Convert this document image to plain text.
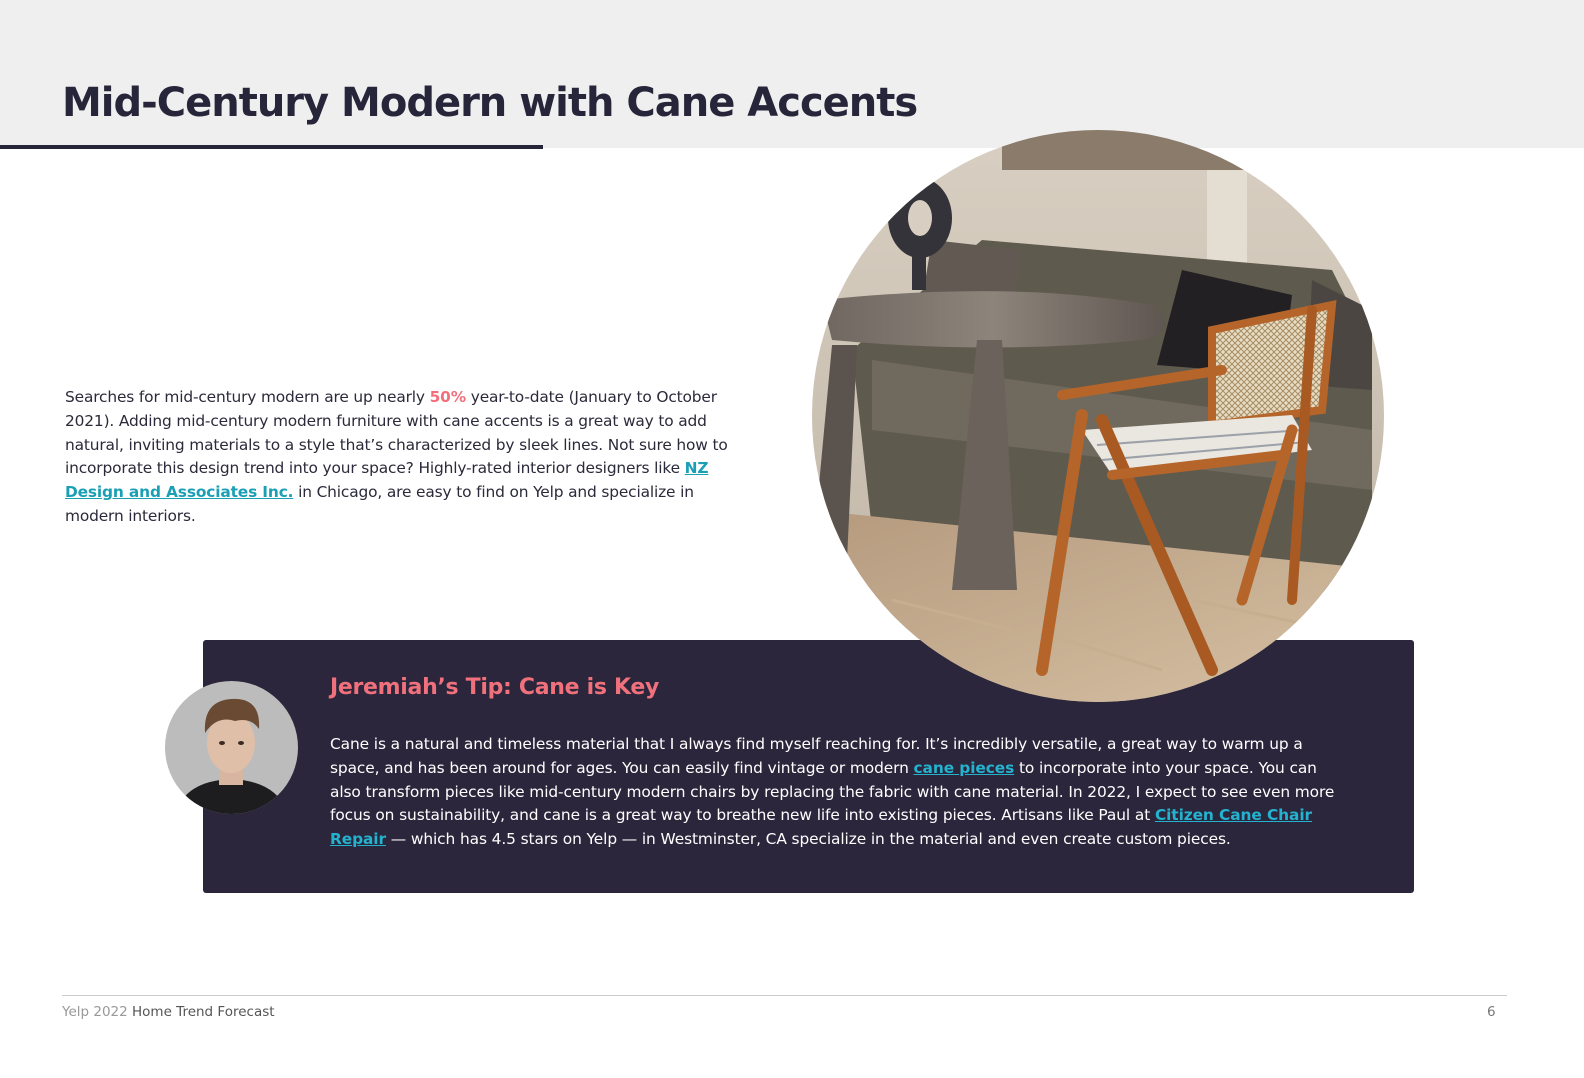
Mid-Century Modern with Cane Accents

Searches for mid-century modern are up nearly 50% year-to-date (January to October 2021). Adding mid-century modern furniture with cane accents is a great way to add natural, inviting materials to a style that’s characterized by sleek lines. Not sure how to incorporate this design trend into your space? Highly-rated interior designers like NZ Design and Associates Inc. in Chicago, are easy to find on Yelp and specialize in modern interiors.

Jeremiah’s Tip: Cane is Key

Cane is a natural and timeless material that I always find myself reaching for. It’s incredibly versatile, a great way to warm up a space, and has been around for ages. You can easily find vintage or modern cane pieces to incorporate into your space. You can also transform pieces like mid-century modern chairs by replacing the fabric with cane material. In 2022, I expect to see even more focus on sustainability, and cane is a great way to breathe new life into existing pieces. Artisans like Paul at Citizen Cane Chair Repair — which has 4.5 stars on Yelp — in Westminster, CA specialize in the material and even create custom pieces.

Yelp 2022 Home Trend Forecast	6
